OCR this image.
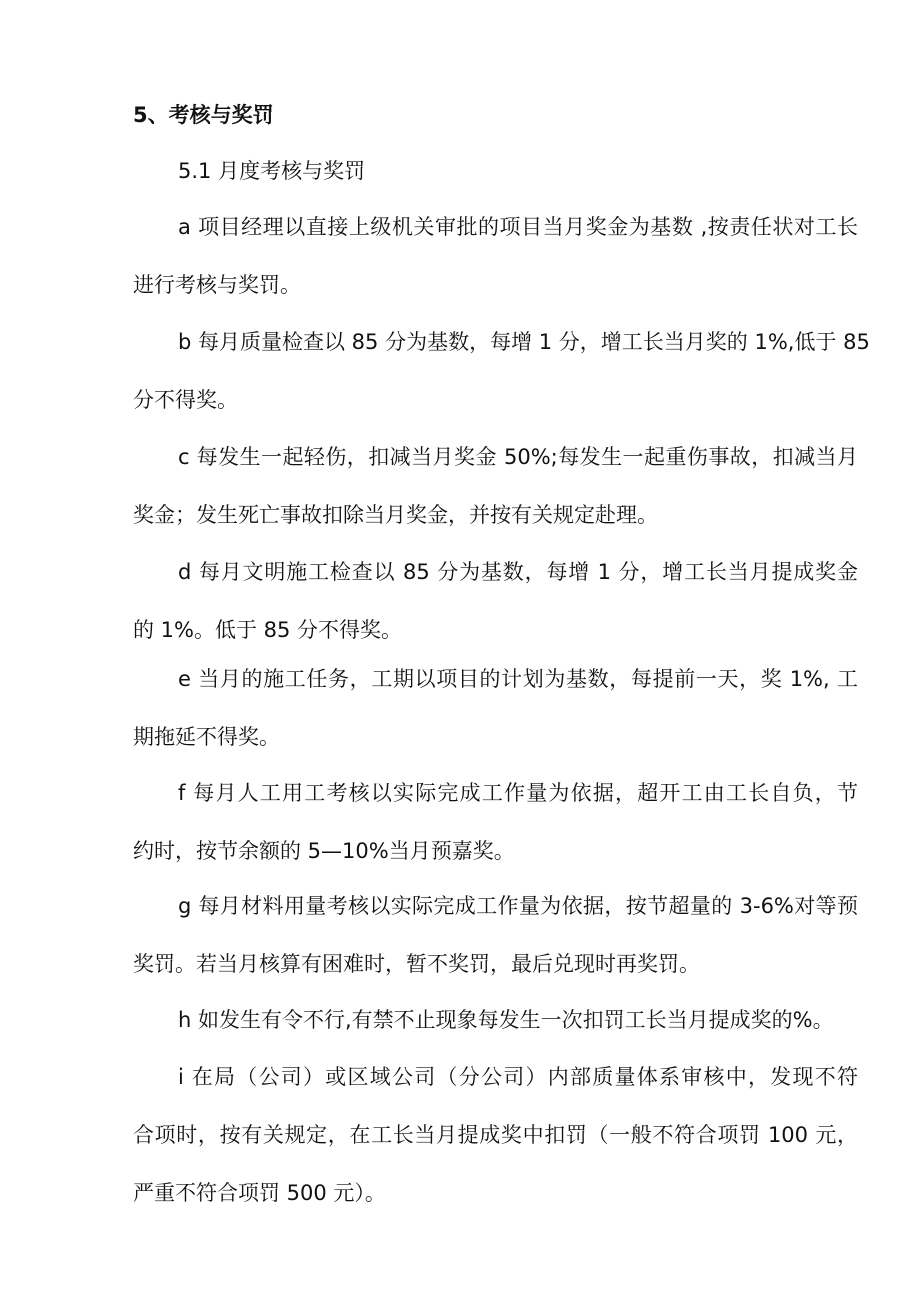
5、考核与奖罚
5.1 月度考核与奖罚
a 项目经理以直接上级机关审批的项目当月奖金为基数 ,按责任状对工长
进行考核与奖罚。
b 每月质量检查以 85 分为基数，每增 1 分，增工长当月奖的 1%,低于 85
分不得奖。
c 每发生一起轻伤，扣减当月奖金 50%;每发生一起重伤事故，扣减当月
奖金；发生死亡事故扣除当月奖金，并按有关规定赴理。
d 每月文明施工检查以 85 分为基数，每增 1 分，增工长当月提成奖金
的 1%。低于 85 分不得奖。
e 当月的施工任务，工期以项目的计划为基数，每提前一天，奖 1%, 工
期拖延不得奖。
f 每月人工用工考核以实际完成工作量为依据，超开工由工长自负，节
约时，按节余额的 5—10%当月预嘉奖。
g 每月材料用量考核以实际完成工作量为依据，按节超量的 3-6%对等预
奖罚。若当月核算有困难时，暂不奖罚，最后兑现时再奖罚。
h 如发生有令不行,有禁不止现象每发生一次扣罚工长当月提成奖的%。
i 在局（公司）或区域公司（分公司）内部质量体系审核中，发现不符
合项时，按有关规定，在工长当月提成奖中扣罚（一般不符合项罚 100 元，
严重不符合项罚 500 元）。
